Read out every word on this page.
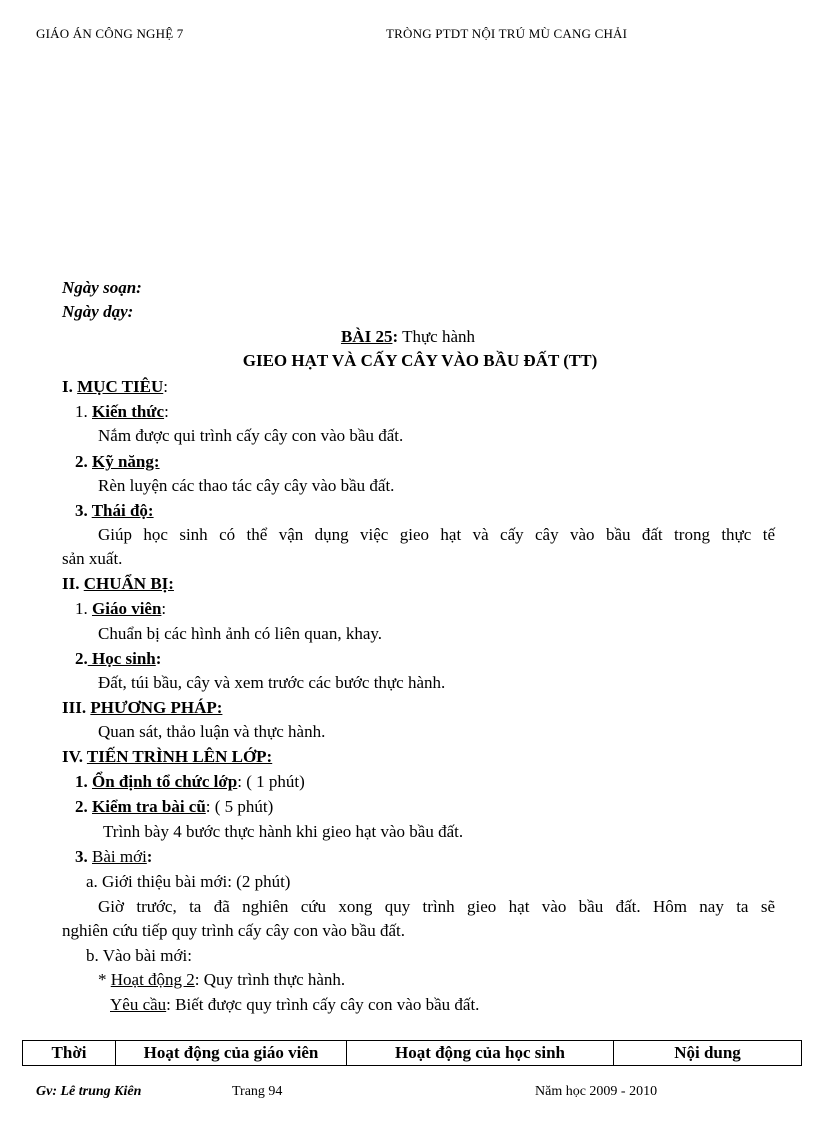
GIÁO ÁN CÔNG NGHỆ 7	TRÒNG PTDT NỘI TRÚ MÙ CANG CHẢI
Ngày soạn:
Ngày dạy:
BÀI 25: Thực hành
GIEO HẠT VÀ CẤY CÂY VÀO BẦU ĐẤT (TT)
I. MỤC TIÊU:
1. Kiến thức:
Nắm được qui trình cấy cây con vào bầu đất.
2. Kỹ năng:
Rèn luyện các thao tác cây cây vào bầu đất.
3. Thái độ:
Giúp học sinh có thể vận dụng việc gieo hạt và cấy cây vào bầu đất trong thực tế
sản xuất.
II. CHUẨN BỊ:
1. Giáo viên:
Chuẩn bị các hình ảnh có liên quan, khay.
2. Học sinh:
Đất, túi bầu, cây và xem trước các bước thực hành.
III. PHƯƠNG PHÁP:
Quan sát, thảo luận và thực hành.
IV. TIẾN TRÌNH LÊN LỚP:
1. Ổn định tổ chức lớp: ( 1 phút)
2. Kiểm tra bài cũ: ( 5 phút)
Trình bày 4 bước thực hành khi gieo hạt vào bầu đất.
3. Bài mới:
a. Giới thiệu bài mới: (2 phút)
Giờ trước, ta đã nghiên cứu xong quy trình gieo hạt vào bầu đất. Hôm nay ta sẽ
nghiên cứu tiếp quy trình cấy cây con vào bầu đất.
b. Vào bài mới:
* Hoạt động 2: Quy trình thực hành.
Yêu cầu: Biết được quy trình cấy cây con vào bầu đất.
Thời	Hoạt động của giáo viên	Hoạt động của học sinh	Nội dung
Gv: Lê trung Kiên	Trang 94	Năm học 2009 - 2010
